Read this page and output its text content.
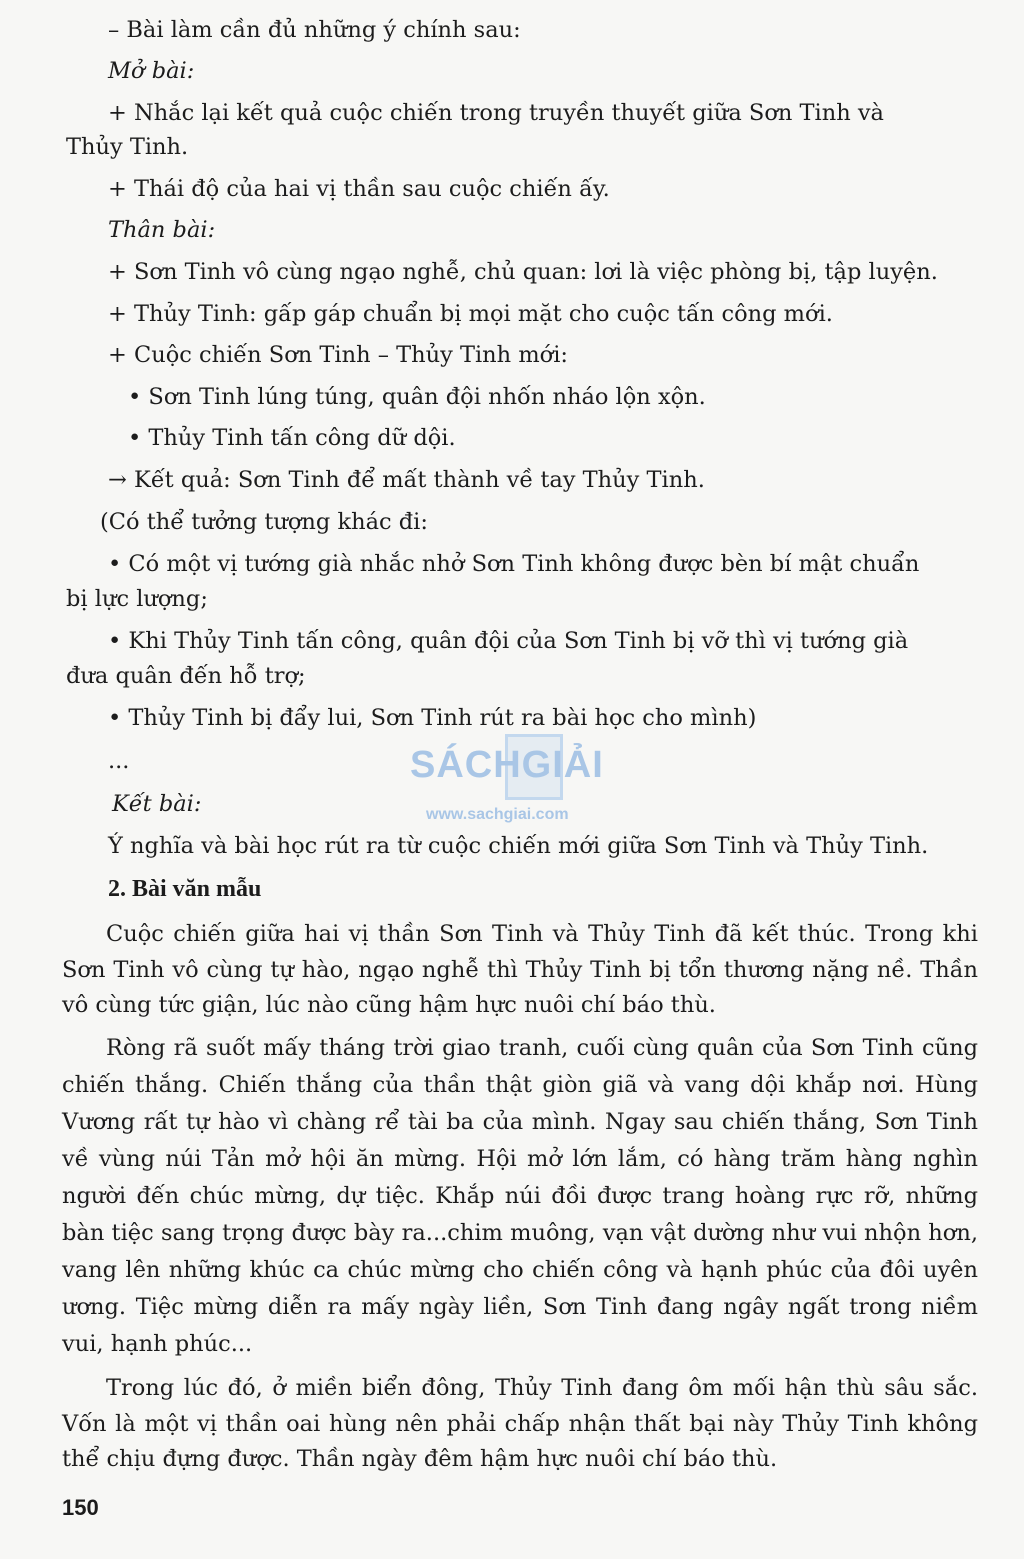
– Bài làm cần đủ những ý chính sau:

Mở bài:

+ Nhắc lại kết quả cuộc chiến trong truyền thuyết giữa Sơn Tinh và

Thủy Tinh.

+ Thái độ của hai vị thần sau cuộc chiến ấy.

Thân bài:

+ Sơn Tinh vô cùng ngạo nghễ, chủ quan: lơi là việc phòng bị, tập luyện.

+ Thủy Tinh: gấp gáp chuẩn bị mọi mặt cho cuộc tấn công mới.

+ Cuộc chiến Sơn Tinh – Thủy Tinh mới:

• Sơn Tinh lúng túng, quân đội nhốn nháo lộn xộn.

• Thủy Tinh tấn công dữ dội.

→ Kết quả: Sơn Tinh để mất thành về tay Thủy Tinh.

(Có thể tưởng tượng khác đi:

• Có một vị tướng già nhắc nhở Sơn Tinh không được bèn bí mật chuẩn

bị lực lượng;

• Khi Thủy Tinh tấn công, quân đội của Sơn Tinh bị vỡ thì vị tướng già

đưa quân đến hỗ trợ;

• Thủy Tinh bị đẩy lui, Sơn Tinh rút ra bài học cho mình)

...	SÁCHGIẢI
www.sachgiai.com

Kết bài:

Ý nghĩa và bài học rút ra từ cuộc chiến mới giữa Sơn Tinh và Thủy Tinh.

2. Bài văn mẫu

Cuộc chiến giữa hai vị thần Sơn Tinh và Thủy Tinh đã kết thúc. Trong khi Sơn Tinh vô cùng tự hào, ngạo nghễ thì Thủy Tinh bị tổn thương nặng nề. Thần vô cùng tức giận, lúc nào cũng hậm hực nuôi chí báo thù.

Ròng rã suốt mấy tháng trời giao tranh, cuối cùng quân của Sơn Tinh cũng chiến thắng. Chiến thắng của thần thật giòn giã và vang dội khắp nơi. Hùng Vương rất tự hào vì chàng rể tài ba của mình. Ngay sau chiến thắng, Sơn Tinh về vùng núi Tản mở hội ăn mừng. Hội mở lớn lắm, có hàng trăm hàng nghìn người đến chúc mừng, dự tiệc. Khắp núi đồi được trang hoàng rực rỡ, những bàn tiệc sang trọng được bày ra...chim muông, vạn vật dường như vui nhộn hơn, vang lên những khúc ca chúc mừng cho chiến công và hạnh phúc của đôi uyên ương. Tiệc mừng diễn ra mấy ngày liền, Sơn Tinh đang ngây ngất trong niềm vui, hạnh phúc...

Trong lúc đó, ở miền biển đông, Thủy Tinh đang ôm mối hận thù sâu sắc. Vốn là một vị thần oai hùng nên phải chấp nhận thất bại này Thủy Tinh không thể chịu đựng được. Thần ngày đêm hậm hực nuôi chí báo thù.

150
